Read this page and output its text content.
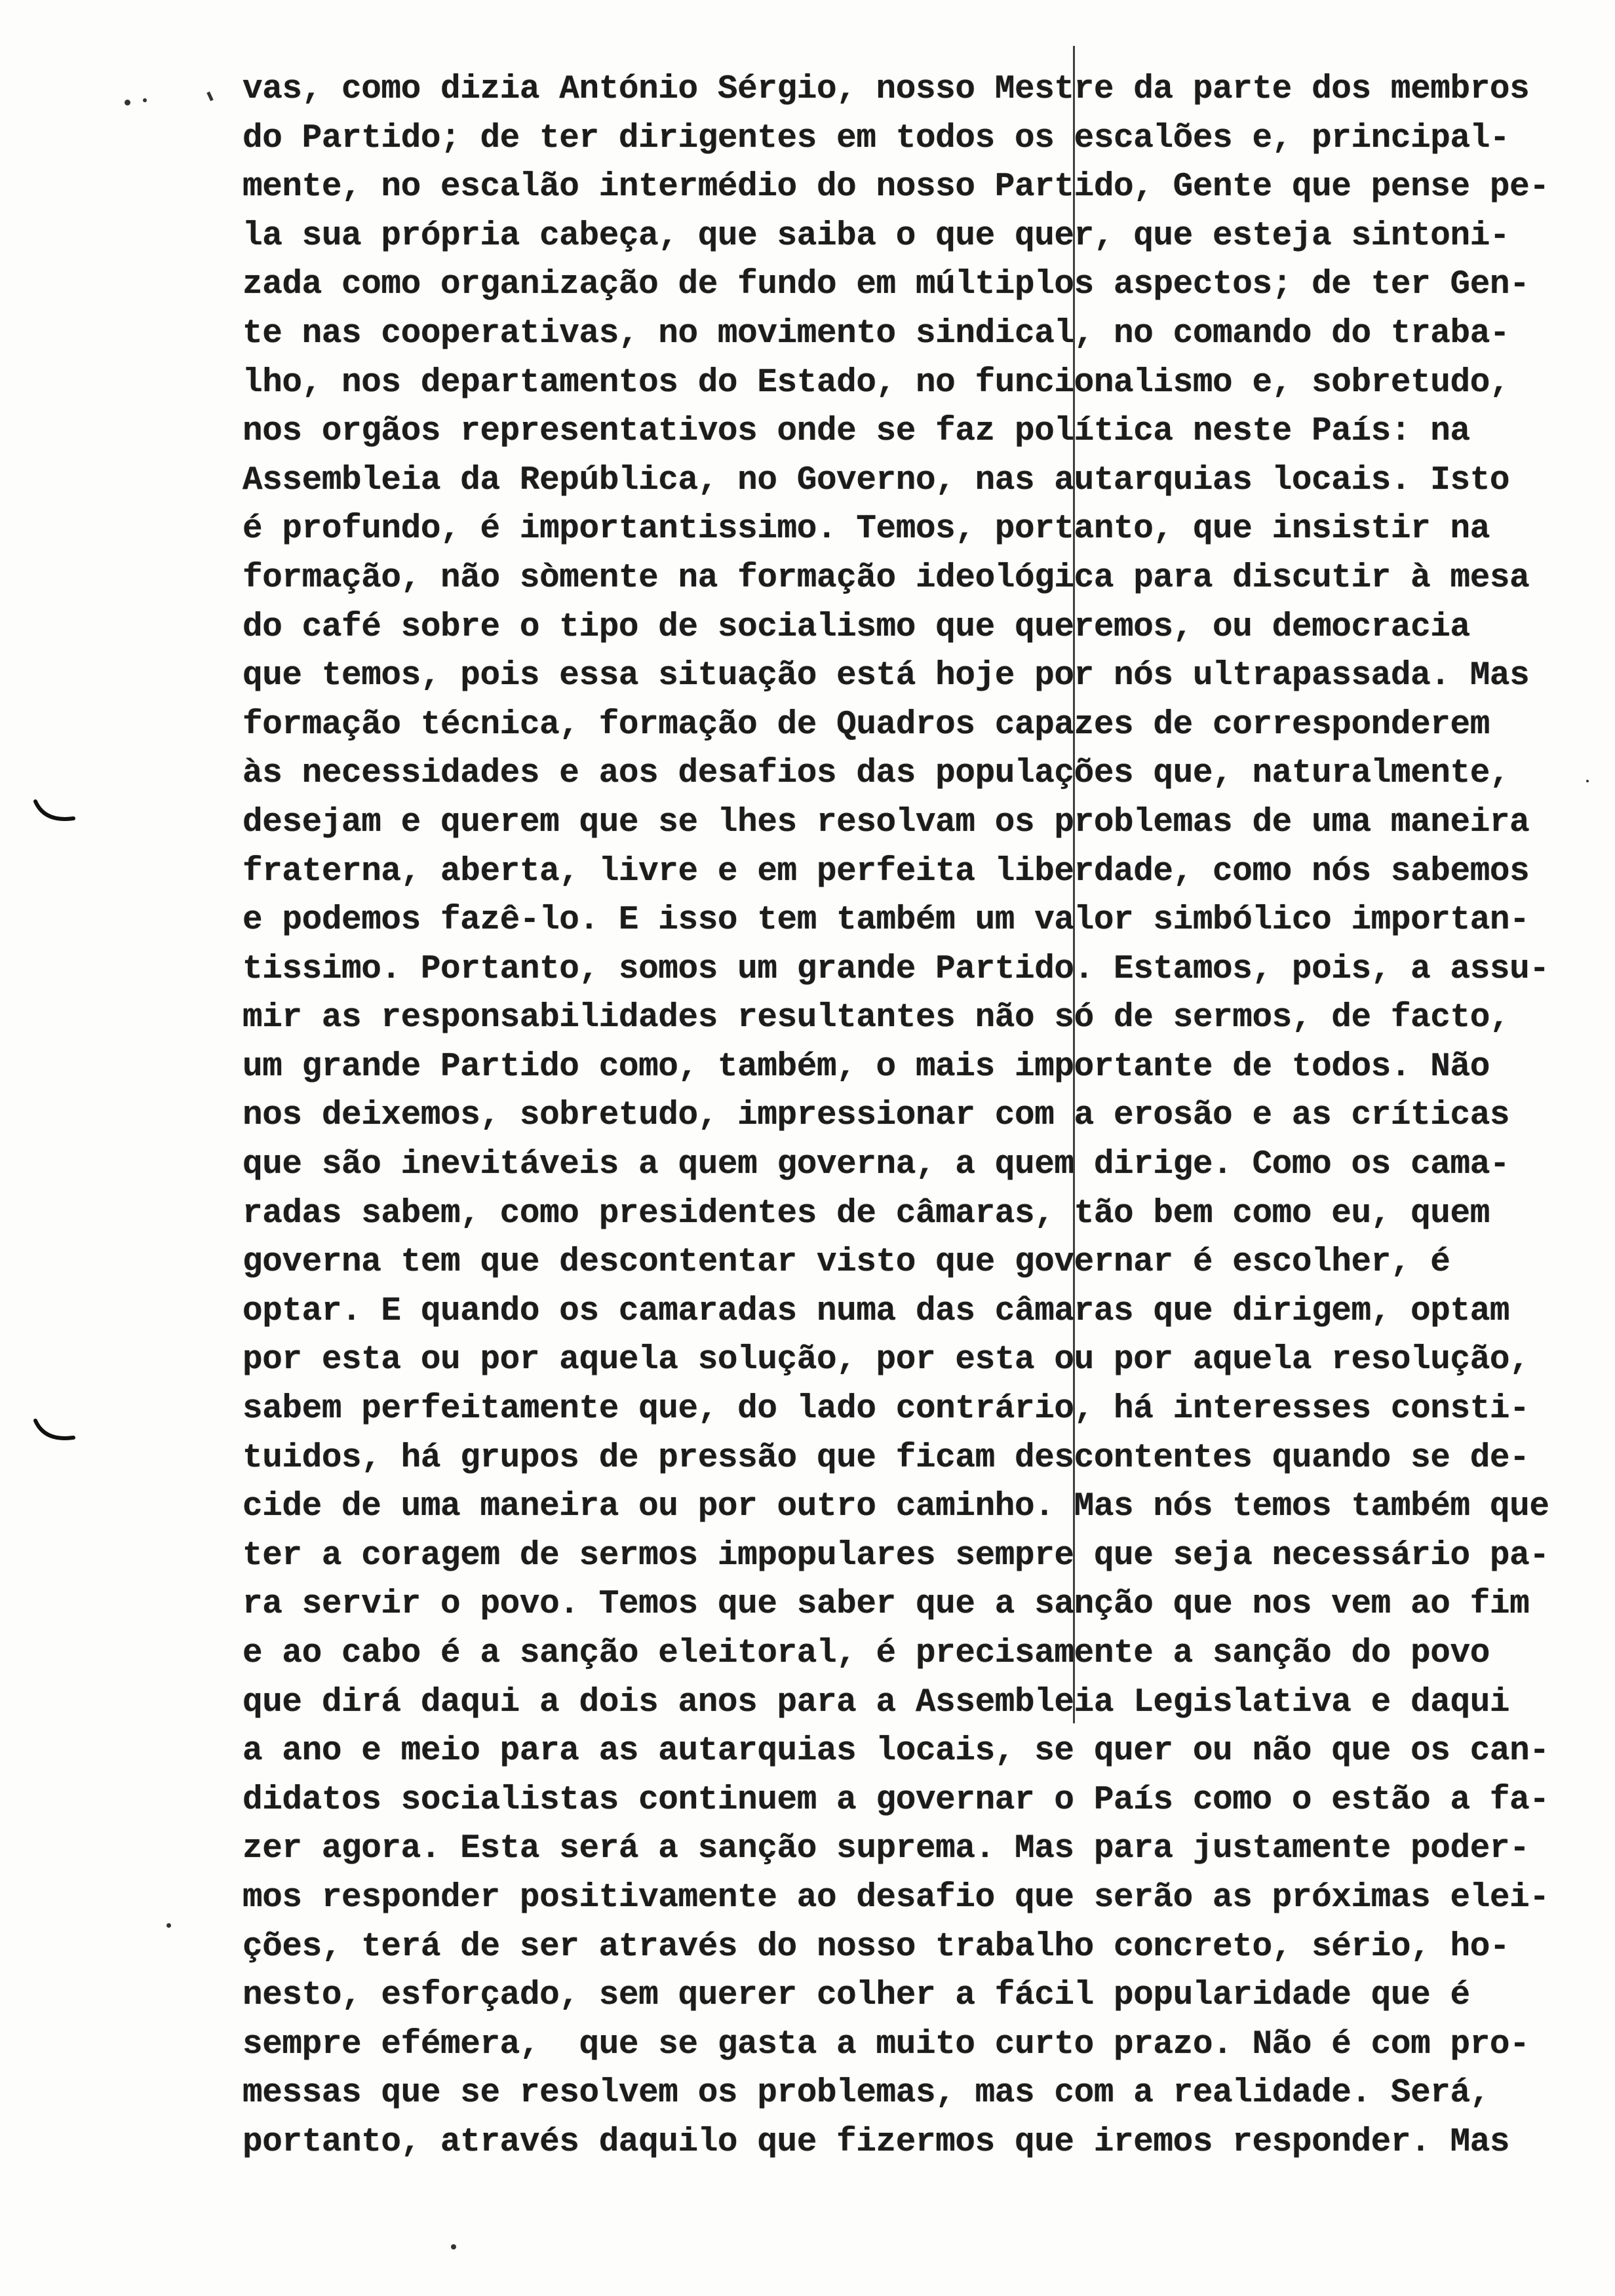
vas, como dizia António Sérgio, nosso Mestre da parte dos membros
do Partido; de ter dirigentes em todos os escalões e, principal-
mente, no escalão intermédio do nosso Partido, Gente que pense pe-
la sua própria cabeça, que saiba o que quer, que esteja sintoni-
zada como organização de fundo em múltiplos aspectos; de ter Gen-
te nas cooperativas, no movimento sindical, no comando do traba-
lho, nos departamentos do Estado, no funcionalismo e, sobretudo,
nos orgãos representativos onde se faz política neste País: na
Assembleia da República, no Governo, nas autarquias locais. Isto
é profundo, é importantissimo. Temos, portanto, que insistir na
formação, não sòmente na formação ideológica para discutir à mesa
do café sobre o tipo de socialismo que queremos, ou democracia
que temos, pois essa situação está hoje por nós ultrapassada. Mas
formação técnica, formação de Quadros capazes de corresponderem
às necessidades e aos desafios das populações que, naturalmente,
desejam e querem que se lhes resolvam os problemas de uma maneira
fraterna, aberta, livre e em perfeita liberdade, como nós sabemos
e podemos fazê-lo. E isso tem também um valor simbólico importan-
tissimo. Portanto, somos um grande Partido. Estamos, pois, a assu-
mir as responsabilidades resultantes não só de sermos, de facto,
um grande Partido como, também, o mais importante de todos. Não
nos deixemos, sobretudo, impressionar com a erosão e as críticas
que são inevitáveis a quem governa, a quem dirige. Como os cama-
radas sabem, como presidentes de câmaras, tão bem como eu, quem
governa tem que descontentar visto que governar é escolher, é
optar. E quando os camaradas numa das câmaras que dirigem, optam
por esta ou por aquela solução, por esta ou por aquela resolução,
sabem perfeitamente que, do lado contrário, há interesses consti-
tuidos, há grupos de pressão que ficam descontentes quando se de-
cide de uma maneira ou por outro caminho. Mas nós temos também que
ter a coragem de sermos impopulares sempre que seja necessário pa-
ra servir o povo. Temos que saber que a sanção que nos vem ao fim
e ao cabo é a sanção eleitoral, é precisamente a sanção do povo
que dirá daqui a dois anos para a Assembleia Legislativa e daqui
a ano e meio para as autarquias locais, se quer ou não que os can-
didatos socialistas continuem a governar o País como o estão a fa-
zer agora. Esta será a sanção suprema. Mas para justamente poder-
mos responder positivamente ao desafio que serão as próximas elei-
ções, terá de ser através do nosso trabalho concreto, sério, ho-
nesto, esforçado, sem querer colher a fácil popularidade que é
sempre efémera,  que se gasta a muito curto prazo. Não é com pro-
messas que se resolvem os problemas, mas com a realidade. Será,
portanto, através daquilo que fizermos que iremos responder. Mas
